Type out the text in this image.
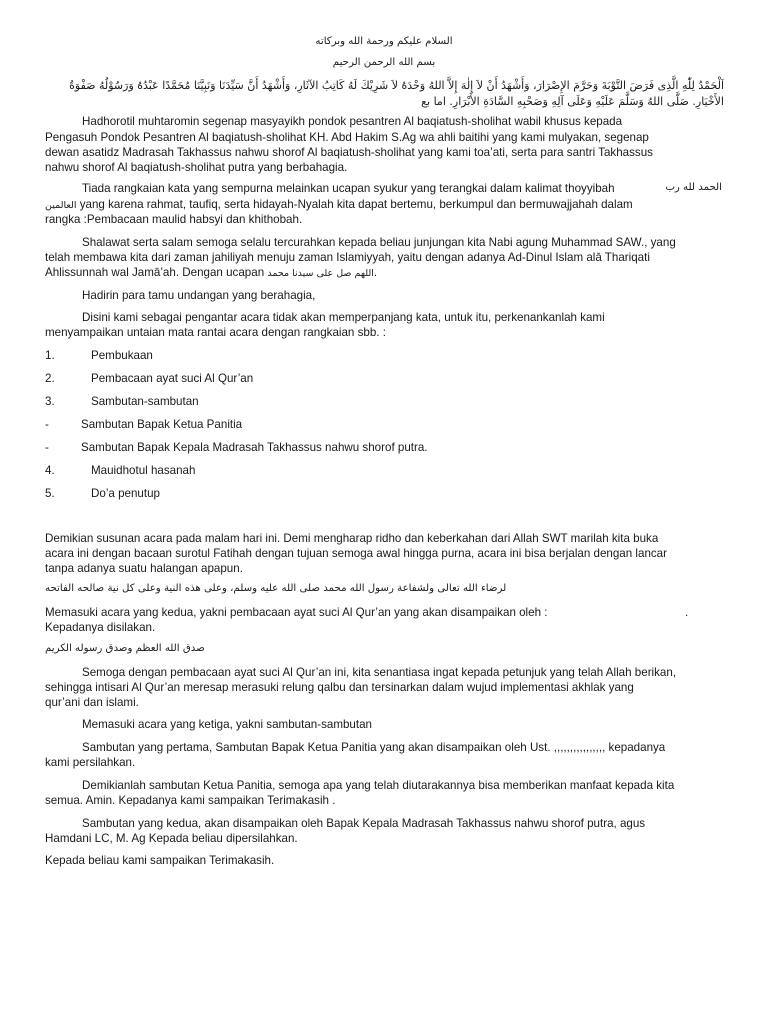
السلام عليكم ورحمة الله وبركاته

بسم الله الرحمن الرحيم

اَلْحَمْدُ لِلّٰهِ الَّذِى فَرَضَ التَّوْبَةَ وَحَرَّمَ الإِصْرَارَ، وَأَشْهَدُ أَنْ لاَ إِلٰهَ إِلاَّ اللهُ وَحْدَهُ لاَ شَرِيْكَ لَهُ كَاتِبُ الآثَارِ، وَأَشْهَدُ أَنَّ سَيِّدَنَا وَنَبِيَّنَا مُحَمَّدًا عَبْدُهُ وَرَسُوْلُهُ صَفْوَةُ

الأَخْيَارِ. صَلَّى اللهُ وَسَلَّمَ عَلَيْهِ وَعَلَى آلِهِ وَصَحْبِهِ السَّادَةِ الأَبْرَارِ. اما بع

Hadhorotil muhtaromin segenap masyayikh pondok pesantren Al baqiatush-sholihat wabil khusus kepada

Pengasuh Pondok Pesantren Al baqiatush-sholihat KH. Abd Hakim S.Ag wa ahli baitihi yang kami mulyakan, segenap

dewan asatidz Madrasah Takhassus nahwu shorof Al baqiatush-sholihat yang kami toa’ati, serta para santri Takhassus

nahwu shorof Al baqiatush-sholihat putra yang berbahagia.

Tiada rangkaian kata yang sempurna melainkan ucapan syukur yang terangkai dalam kalimat thoyyibah	الحمد لله رب

العالمين yang karena rahmat, taufiq, serta hidayah-Nyalah kita dapat bertemu, berkumpul dan bermuwajjahah dalam

rangka :Pembacaan maulid habsyi dan khithobah.

Shalawat serta salam semoga selalu tercurahkan kepada beliau junjungan kita Nabi agung Muhammad SAW., yang

telah membawa kita dari zaman jahiliyah menuju zaman Islamiyyah, yaitu dengan adanya Ad-Dinul Islam alā Thariqati

Ahlissunnah wal Jamā’ah. Dengan ucapan اللهم صل على سيدنا محمد.

Hadirin para tamu undangan yang berahagia,

Disini kami sebagai pengantar acara tidak akan memperpanjang kata, untuk itu, perkenankanlah kami

menyampaikan untaian mata rantai acara dengan rangkaian sbb. :

1.	Pembukaan

2.	Pembacaan ayat suci Al Qur’an

3.	Sambutan-sambutan

-	Sambutan Bapak Ketua Panitia

-	Sambutan Bapak Kepala Madrasah Takhassus nahwu shorof putra.

4.	Mauidhotul hasanah

5.	Do’a penutup

Demikian susunan acara pada malam hari ini. Demi mengharap ridho dan keberkahan dari Allah SWT marilah kita buka

acara ini dengan bacaan surotul Fatihah dengan tujuan semoga awal hingga purna, acara ini bisa berjalan dengan lancar

tanpa adanya suatu halangan apapun.

لرضاء الله تعالى ولشفاعة رسول الله محمد صلى الله عليه وسلم، وعلى هذه النية وعلى كل نية صالحه الفاتحه

Memasuki acara yang kedua, yakni pembacaan ayat suci Al Qur’an yang akan disampaikan oleh :	.

Kepadanya disilakan.

صدق الله العظم وصدق رسوله الكريم

Semoga dengan pembacaan ayat suci Al Qur’an ini, kita senantiasa ingat kepada petunjuk yang telah Allah berikan,

sehingga intisari Al Qur’an meresap merasuki relung qalbu dan tersinarkan dalam wujud implementasi akhlak yang

qur’ani dan islami.

Memasuki acara yang ketiga, yakni sambutan-sambutan

Sambutan yang pertama, Sambutan Bapak Ketua Panitia yang akan disampaikan oleh Ust. ,,,,,,,,,,,,,,,, kepadanya

kami persilahkan.

Demikianlah sambutan Ketua Panitia, semoga apa yang telah diutarakannya bisa memberikan manfaat kepada kita

semua. Amin. Kepadanya kami sampaikan Terimakasih .

Sambutan yang kedua, akan disampaikan oleh Bapak Kepala Madrasah Takhassus nahwu shorof putra, agus

Hamdani LC, M. Ag Kepada beliau dipersilahkan.

Kepada beliau kami sampaikan Terimakasih.
